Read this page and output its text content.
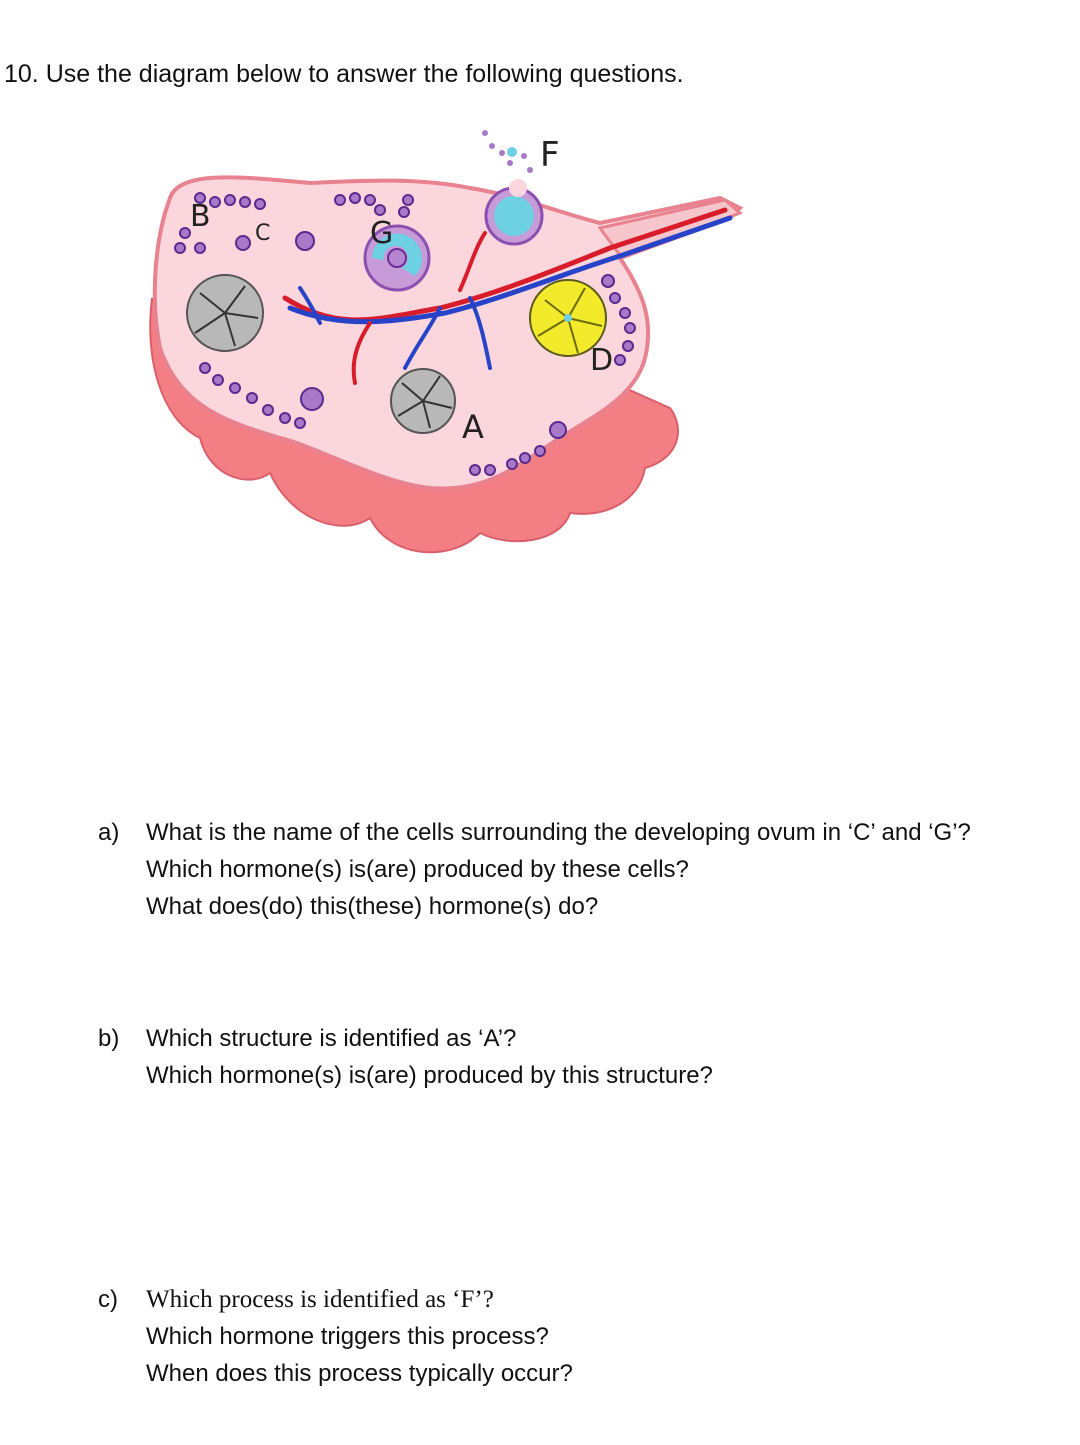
10. Use the diagram below to answer the following questions.
B C	G
F
D
A
a)	What is the name of the cells surrounding the developing ovum in ‘C’ and ‘G’?
Which hormone(s) is(are) produced by these cells?
What does(do) this(these) hormone(s) do?
b)	Which structure is identified as ‘A’?
Which hormone(s) is(are) produced by this structure?
c)	Which process is identified as ‘F’?
Which hormone triggers this process?
When does this process typically occur?
